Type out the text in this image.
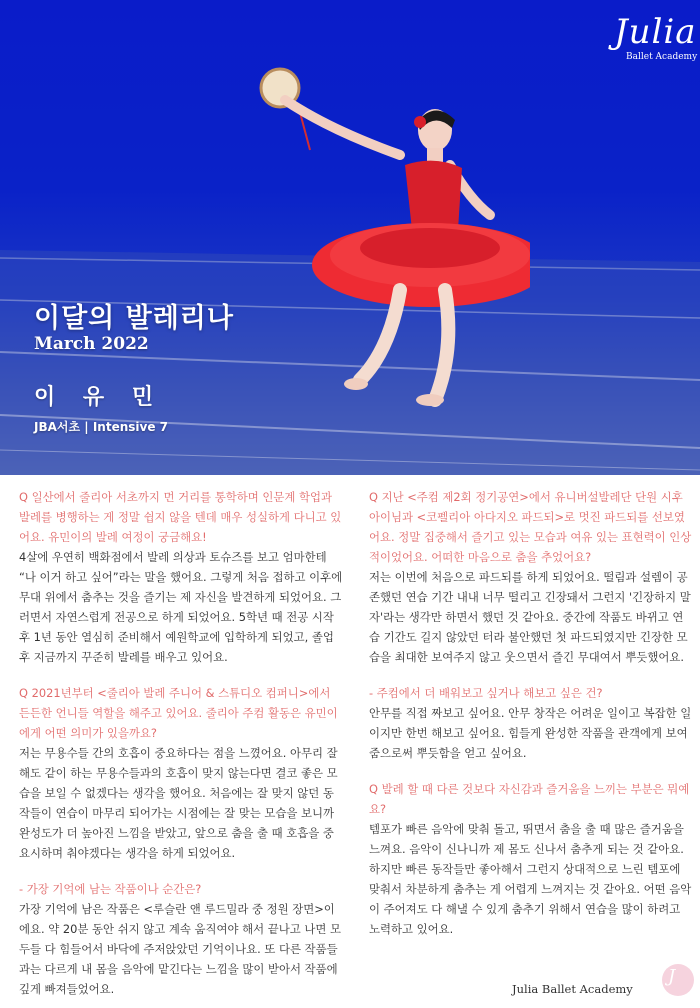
Julia
Ballet Academy
이달의 발레리나
March 2022
이 유 민
JBA서초 | Intensive 7

Q 일산에서 줄리아 서초까지 먼 거리를 통학하며 인문계 학업과 발레를 병행하는 게 정말 쉽지 않을 텐데 매우 성실하게 다니고 있어요. 유민이의 발레 여정이 궁금해요!

4살에 우연히 백화점에서 발레 의상과 토슈즈를 보고 엄마한테 “나 이거 하고 싶어”라는 말을 했어요. 그렇게 처음 접하고 이후에 무대 위에서 춤추는 것을 즐기는 제 자신을 발견하게 되었어요. 그러면서 자연스럽게 전공으로 하게 되었어요. 5학년 때 전공 시작 후 1년 동안 열심히 준비해서 예원학교에 입학하게 되었고, 졸업 후 지금까지 꾸준히 발레를 배우고 있어요.

Q 2021년부터 <줄리아 발레 주니어 & 스튜디오 컴퍼니>에서 든든한 언니들 역할을 해주고 있어요. 줄리아 주컴 활동은 유민이에게 어떤 의미가 있을까요?

저는 무용수들 간의 호흡이 중요하다는 점을 느꼈어요. 아무리 잘해도 같이 하는 무용수들과의 호흡이 맞지 않는다면 결코 좋은 모습을 보일 수 없겠다는 생각을 했어요. 처음에는 잘 맞지 않던 동작들이 연습이 마무리 되어가는 시점에는 잘 맞는 모습을 보니까 완성도가 더 높아진 느낌을 받았고, 앞으로 춤을 출 때 호흡을 중요시하며 춰야겠다는 생각을 하게 되었어요.

- 가장 기억에 남는 작품이나 순간은?

가장 기억에 남은 작품은 <루슬란 앤 루드밀라 중 정원 장면>이에요. 약 20분 동안 쉬지 않고 계속 움직여야 해서 끝나고 나면 모두들 다 힘들어서 바닥에 주저앉았던 기억이나요. 또 다른 작품들과는 다르게 내 몸을 음악에 맡긴다는 느낌을 많이 받아서 작품에 깊게 빠져들었어요.

Q 지난 <주컴 제2회 정기공연>에서 유니버설발레단 단원 시후아이님과 <코펠리아 아다지오 파드되>로 멋진 파드되를 선보였어요. 정말 집중해서 즐기고 있는 모습과 여유 있는 표현력이 인상적이었어요. 어떠한 마음으로 춤을 추었어요?

저는 이번에 처음으로 파드되를 하게 되었어요. 떨림과 설렘이 공존했던 연습 기간 내내 너무 떨리고 긴장돼서 그런지 '긴장하지 말자'라는 생각만 하면서 했던 것 같아요. 중간에 작품도 바뀌고 연습 기간도 길지 않았던 터라 불안했던 첫 파드되였지만 긴장한 모습을 최대한 보여주지 않고 웃으면서 즐긴 무대여서 뿌듯했어요.

- 주컴에서 더 배워보고 싶거나 해보고 싶은 건?

안무를 직접 짜보고 싶어요. 안무 창작은 어려운 일이고 복잡한 일이지만 한번 해보고 싶어요. 힘들게 완성한 작품을 관객에게 보여줌으로써 뿌듯함을 얻고 싶어요.

Q 발레 할 때 다른 것보다 자신감과 즐거움을 느끼는 부분은 뭐예요?

템포가 빠른 음악에 맞춰 돌고, 뛰면서 춤을 출 때 많은 즐거움을 느껴요. 음악이 신나니까 제 몸도 신나서 춤추게 되는 것 같아요. 하지만 빠른 동작들만 좋아해서 그런지 상대적으로 느린 템포에 맞춰서 차분하게 춤추는 게 어렵게 느껴지는 것 같아요. 어떤 음악이 주어져도 다 해낼 수 있게 춤추기 위해서 연습을 많이 하려고 노력하고 있어요.

Julia Ballet Academy
J
